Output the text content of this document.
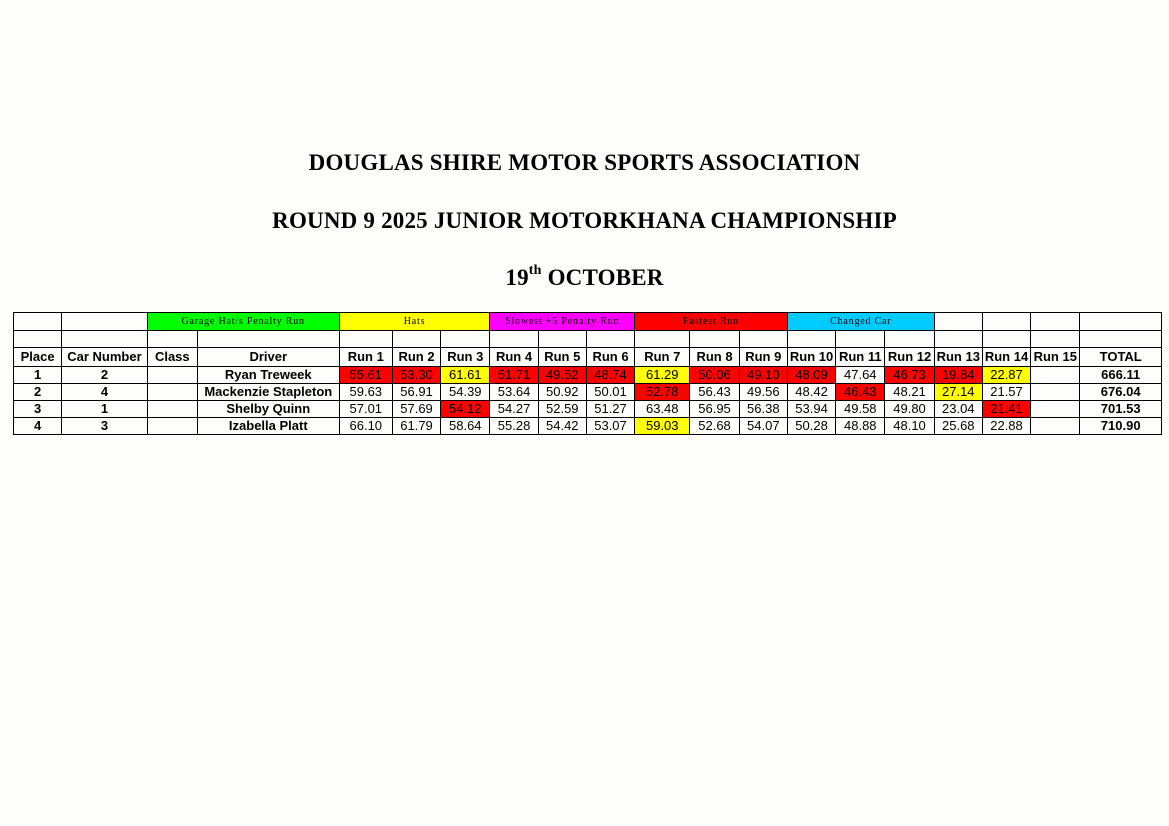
DOUGLAS SHIRE MOTOR SPORTS ASSOCIATION
ROUND 9 2025 JUNIOR MOTORKHANA CHAMPIONSHIP
19th OCTOBER
		Garage Hat/s Penalty Run		Hats			Slowest +5 Penalty Run			Fastest Run			Changed Car						

Place	Car Number	Class	Driver	Run 1	Run 2	Run 3	Run 4	Run 5	Run 6	Run 7	Run 8	Run 9	Run 10	Run 11	Run 12	Run 13	Run 14	Run 15	TOTAL
1	2		Ryan Treweek	55.61	53.30	61.61	51.71	49.52	48.74	61.29	50.06	49.10	48.09	47.64	46.73	19.84	22.87		666.11
2	4		Mackenzie Stapleton	59.63	56.91	54.39	53.64	50.92	50.01	52.78	56.43	49.56	48.42	46.43	48.21	27.14	21.57		676.04
3	1		Shelby Quinn	57.01	57.69	54.12	54.27	52.59	51.27	63.48	56.95	56.38	53.94	49.58	49.80	23.04	21.41		701.53
4	3		Izabella Platt	66.10	61.79	58.64	55.28	54.42	53.07	59.03	52.68	54.07	50.28	48.88	48.10	25.68	22.88		710.90
